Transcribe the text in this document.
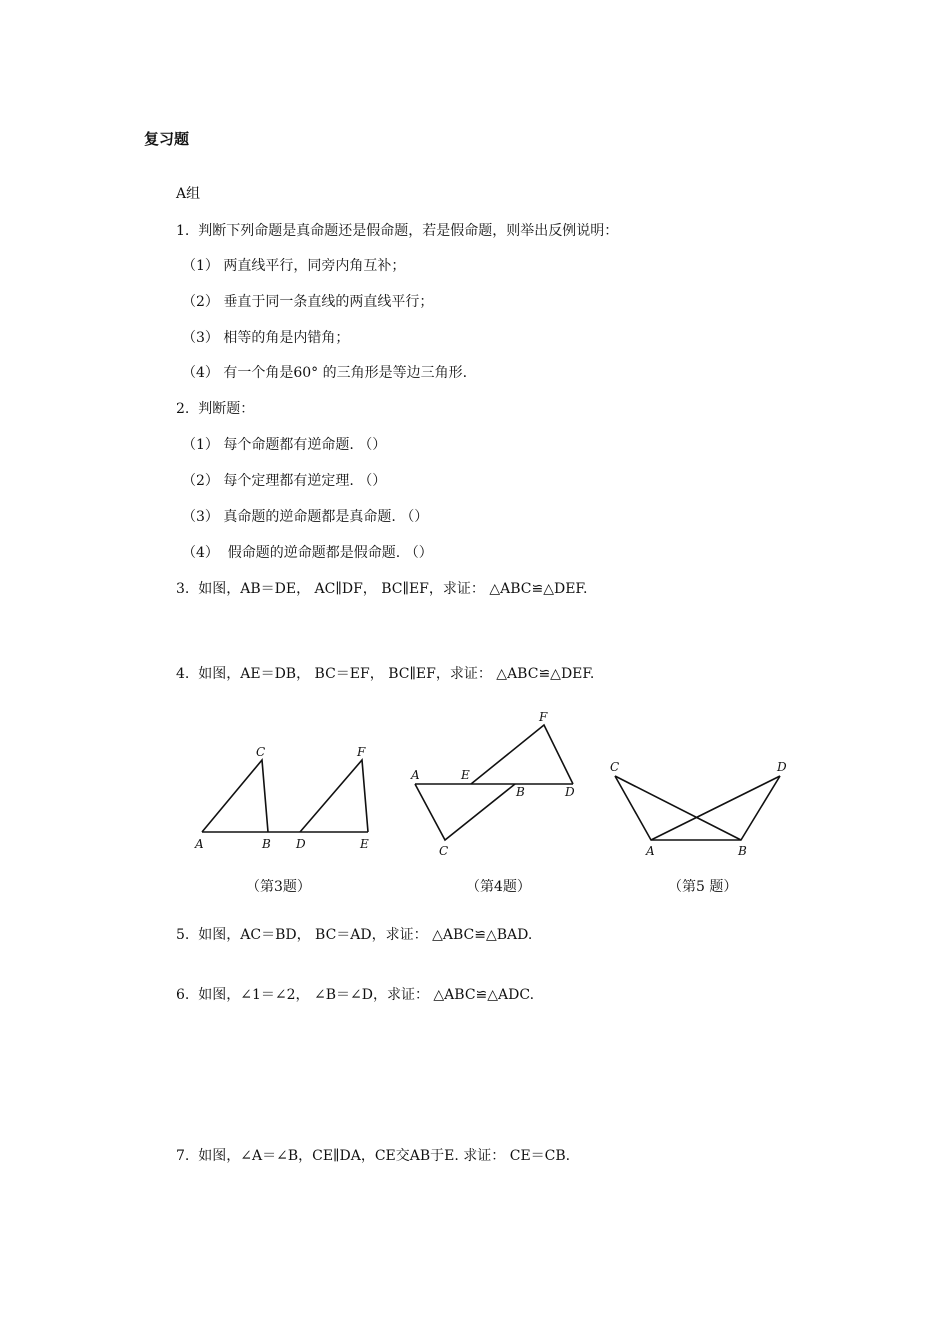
复习题
A组
1.  判断下列命题是真命题还是假命题，若是假命题，则举出反例说明：
（1） 两直线平行，同旁内角互补；
（2） 垂直于同一条直线的两直线平行；
（3） 相等的角是内错角；
（4） 有一个角是60° 的三角形是等边三角形.
2.  判断题：
（1） 每个命题都有逆命题. （）
（2） 每个定理都有逆定理. （）
（3） 真命题的逆命题都是真命题. （）
（4）  假命题的逆命题都是假命题. （）
3.  如图，AB＝DE， AC∥DF， BC∥EF，求证： △ABC≌△DEF.
4.  如图，AE＝DB， BC＝EF， BC∥EF，求证： △ABC≌△DEF.
A	B
C
D	E
F
（第3题）
A	E
B	D
F
C
（第4题）
C	D
A	B
（第5 题）
5.  如图，AC＝BD， BC＝AD，求证： △ABC≌△BAD.
6.  如图，∠1＝∠2， ∠B＝∠D，求证： △ABC≌△ADC.
7.  如图，∠A＝∠B，CE∥DA，CE交AB于E. 求证： CE＝CB.
